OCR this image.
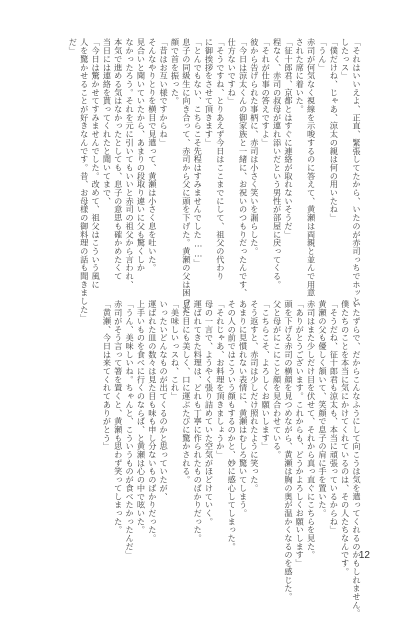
「それはいいえよ、正直、緊張してたから、いたのが赤司っちでホッと
したっス」
「僕だけね、じゃあ、涼太の親は何の用いたね」
「うん」
赤司が何気なく視線を示唆するのに答えて、黄瀬は両親と並んで用意
された席に着いた。
「征十郎君、京都とはすぐに連絡が取れないそうだ」
程なく、赤司の叔母が連れ添いだという男性が部屋に戻ってくる。
「それが仕事の答えですよ」
彼から告げられた事柄に、赤司は小さく笑いを漏らした。
「今日は涼太くんの御家族と一緒に、お祝いのつもりだったんです、
仕方ないですね」
「そうですね、とりあえず今日はここまでにして、祖父の代わり
に御挨拶をさせて頂きます」
「とんでもない、こちらこそ先程はすみませんでした……」
息子の同級生に向き合って、赤司から父に頭を下げた。黄瀬の父は困った
顔で首を振った。
「昔はお互い様ですからね」
そんなやりとりを横目で見遣って、黄瀬は小さく息を吐いた。
見合いと聞いていたから、あまりの段取り違いに父も驚くしか
なかったろう。それを元に引いてもいいと赤司の祖父から言われ、
本気で進める気はなかったとしても、息子の意思も確かめたくて
当日には連絡を貰ってくれたと聞いてまで、
「今日は驚かせてすみませんでした。改めて、祖父はこういう風に
人を驚かせることが好きなんです。昔、お母様の御料理の話も聞きました」
だ」
いたずらで、だからこんなふうにして向こうは気を遣ってくれるのかもしれません。
僕たちのことを本当に気にかけてくれているのは、その人たちなんです。
「そうだね、征十郎君も涼太も、本当に頑張っているからね」
黄瀬の父も優しく頷いて、笑顔で息子の肩に手を置いた。
赤司はまた少しだけ目を伏せて、それから真っ直ぐにこちらを見た。
「ありがとうございます。これからも、どうかよろしくお願いします」
頭を下げる赤司の横顔を見つめながら、黄瀬は胸の奥が温かくなるのを感じた。
父と母がにこにこと顔を見合わせている。
「こちらこそ、よろしくお願いします」
そう返すと、赤司は少しだけ照れたように笑った。
あまりに見慣れない表情に、黄瀬はむしろ驚いてしまう。
その人の前ではこういう顔もするのかと、妙に感心してしまった。
「それじゃあ、お料理を頂きましょうか」
母の一言で、ようやく張り詰めていた空気がほどけていく。
運ばれてきた料理は、どれも丁寧に作られたものばかりだった。
見た目にも美しく、口に運ぶたびに驚かされる。
「美味しいっスね、これ」
いったいどんなものが出てくるのかと思っていたが、
運ばれた皿の数々は見た目も味も申し分ないものばかりだった。
上手いものを食べに行くのならば、と黄瀬は心の中で呟いた。
「うん、美味しいね。ちゃんと、こういうものが食べたかったんだ」
赤司がそう言って箸を置くと、黄瀬も思わず笑ってしまった。
「黄瀬、今日は来てくれてありがとう」
12
